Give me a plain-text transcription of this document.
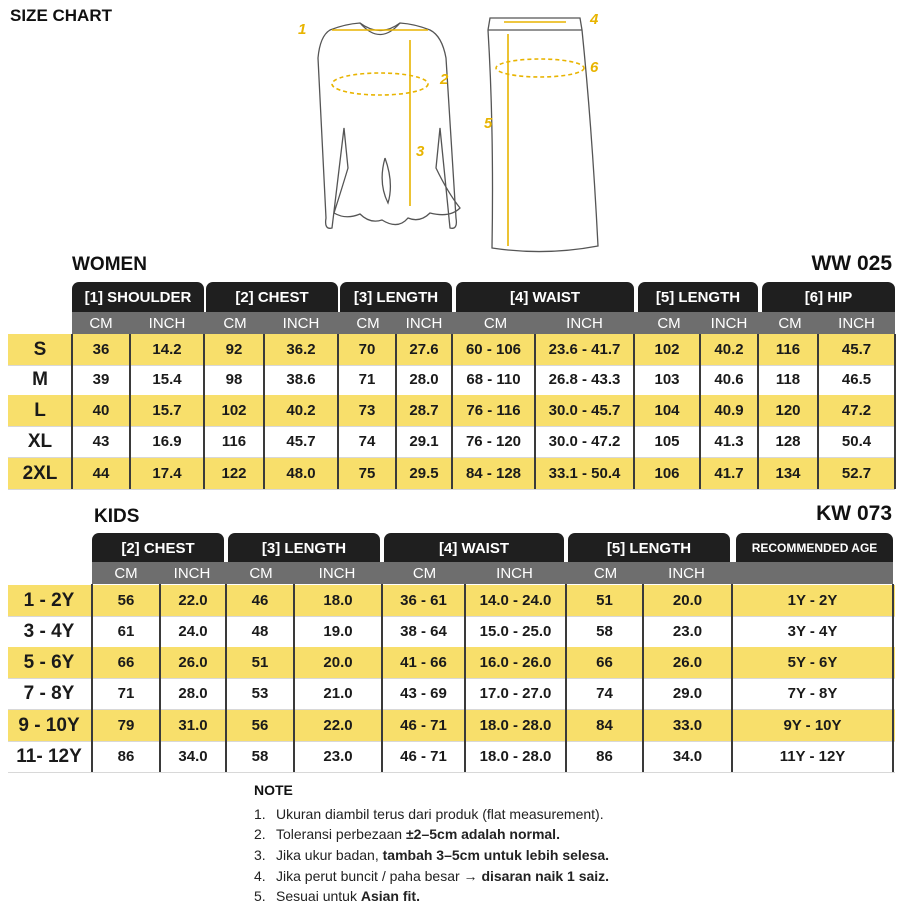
SIZE CHART
1
2
3
4
5
6
WOMEN	WW 025
[1] SHOULDER	[2] CHEST	[3] LENGTH	[4] WAIST	[5] LENGTH	[6] HIP
CM	INCH	CM	INCH	CM	INCH	CM	INCH	CM	INCH	CM	INCH
S	36	14.2	92	36.2	70	27.6	60 - 106	23.6 - 41.7	102	40.2	116	45.7
M	39	15.4	98	38.6	71	28.0	68 - 110	26.8 - 43.3	103	40.6	118	46.5
L	40	15.7	102	40.2	73	28.7	76 - 116	30.0 - 45.7	104	40.9	120	47.2
XL	43	16.9	116	45.7	74	29.1	76 - 120	30.0 - 47.2	105	41.3	128	50.4
2XL	44	17.4	122	48.0	75	29.5	84 - 128	33.1 - 50.4	106	41.7	134	52.7
KIDS	KW 073
[2] CHEST	[3] LENGTH	[4] WAIST	[5] LENGTH	RECOMMENDED AGE
CM	INCH	CM	INCH	CM	INCH	CM	INCH
1 - 2Y	56	22.0	46	18.0	36 - 61	14.0 - 24.0	51	20.0	1Y - 2Y
3 - 4Y	61	24.0	48	19.0	38 - 64	15.0 - 25.0	58	23.0	3Y - 4Y
5 - 6Y	66	26.0	51	20.0	41 - 66	16.0 - 26.0	66	26.0	5Y - 6Y
7 - 8Y	71	28.0	53	21.0	43 - 69	17.0 - 27.0	74	29.0	7Y - 8Y
9 - 10Y	79	31.0	56	22.0	46 - 71	18.0 - 28.0	84	33.0	9Y - 10Y
11- 12Y	86	34.0	58	23.0	46 - 71	18.0 - 28.0	86	34.0	11Y - 12Y
NOTE
1. Ukuran diambil terus dari produk (flat measurement).
2. Toleransi perbezaan ±2–5cm adalah normal.
3. Jika ukur badan, tambah 3–5cm untuk lebih selesa.
4. Jika perut buncit / paha besar → disaran naik 1 saiz.
5. Sesuai untuk Asian fit.
